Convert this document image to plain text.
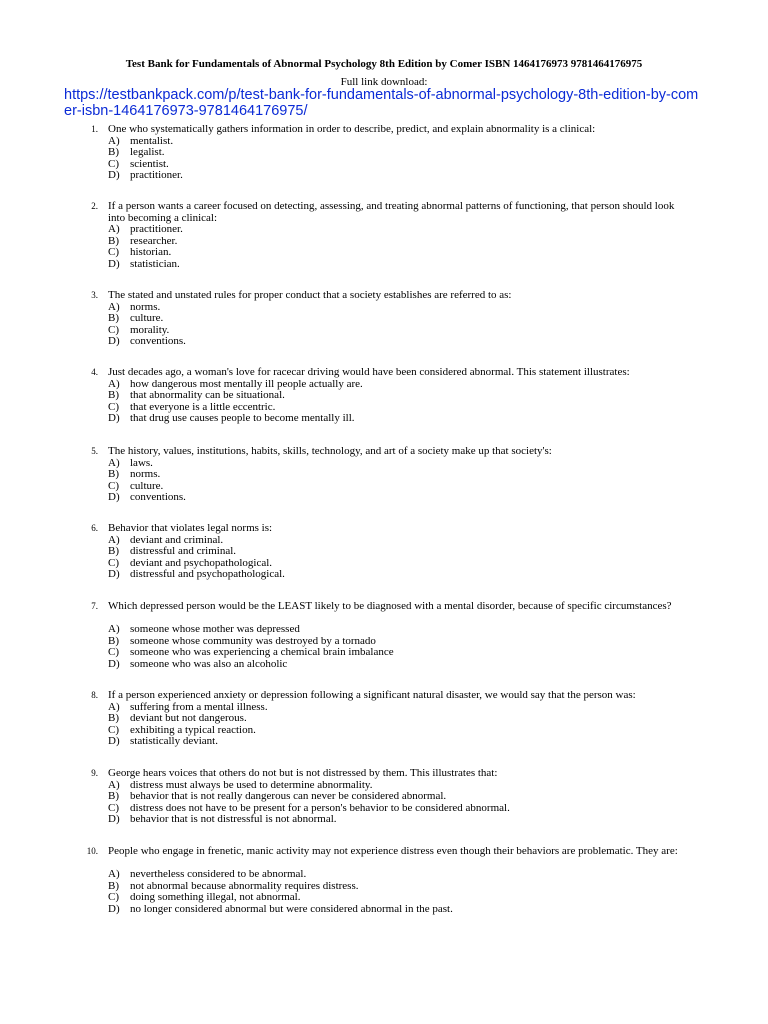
Test Bank for Fundamentals of Abnormal Psychology 8th Edition by Comer ISBN 1464176973 9781464176975
Full link download:
https://testbankpack.com/p/test-bank-for-fundamentals-of-abnormal-psychology-8th-edition-by-comer-isbn-1464176973-9781464176975/
1. One who systematically gathers information in order to describe, predict, and explain abnormality is a clinical:
A) mentalist.
B) legalist.
C) scientist.
D) practitioner.
2. If a person wants a career focused on detecting, assessing, and treating abnormal patterns of functioning, that person should look into becoming a clinical:
A) practitioner.
B) researcher.
C) historian.
D) statistician.
3. The stated and unstated rules for proper conduct that a society establishes are referred to as:
A) norms.
B) culture.
C) morality.
D) conventions.
4. Just decades ago, a woman's love for racecar driving would have been considered abnormal. This statement illustrates:
A) how dangerous most mentally ill people actually are.
B) that abnormality can be situational.
C) that everyone is a little eccentric.
D) that drug use causes people to become mentally ill.
5. The history, values, institutions, habits, skills, technology, and art of a society make up that society's:
A) laws.
B) norms.
C) culture.
D) conventions.
6. Behavior that violates legal norms is:
A) deviant and criminal.
B) distressful and criminal.
C) deviant and psychopathological.
D) distressful and psychopathological.
7. Which depressed person would be the LEAST likely to be diagnosed with a mental disorder, because of specific circumstances?
A) someone whose mother was depressed
B) someone whose community was destroyed by a tornado
C) someone who was experiencing a chemical brain imbalance
D) someone who was also an alcoholic
8. If a person experienced anxiety or depression following a significant natural disaster, we would say that the person was:
A) suffering from a mental illness.
B) deviant but not dangerous.
C) exhibiting a typical reaction.
D) statistically deviant.
9. George hears voices that others do not but is not distressed by them. This illustrates that:
A) distress must always be used to determine abnormality.
B) behavior that is not really dangerous can never be considered abnormal.
C) distress does not have to be present for a person's behavior to be considered abnormal.
D) behavior that is not distressful is not abnormal.
10. People who engage in frenetic, manic activity may not experience distress even though their behaviors are problematic. They are:
A) nevertheless considered to be abnormal.
B) not abnormal because abnormality requires distress.
C) doing something illegal, not abnormal.
D) no longer considered abnormal but were considered abnormal in the past.
